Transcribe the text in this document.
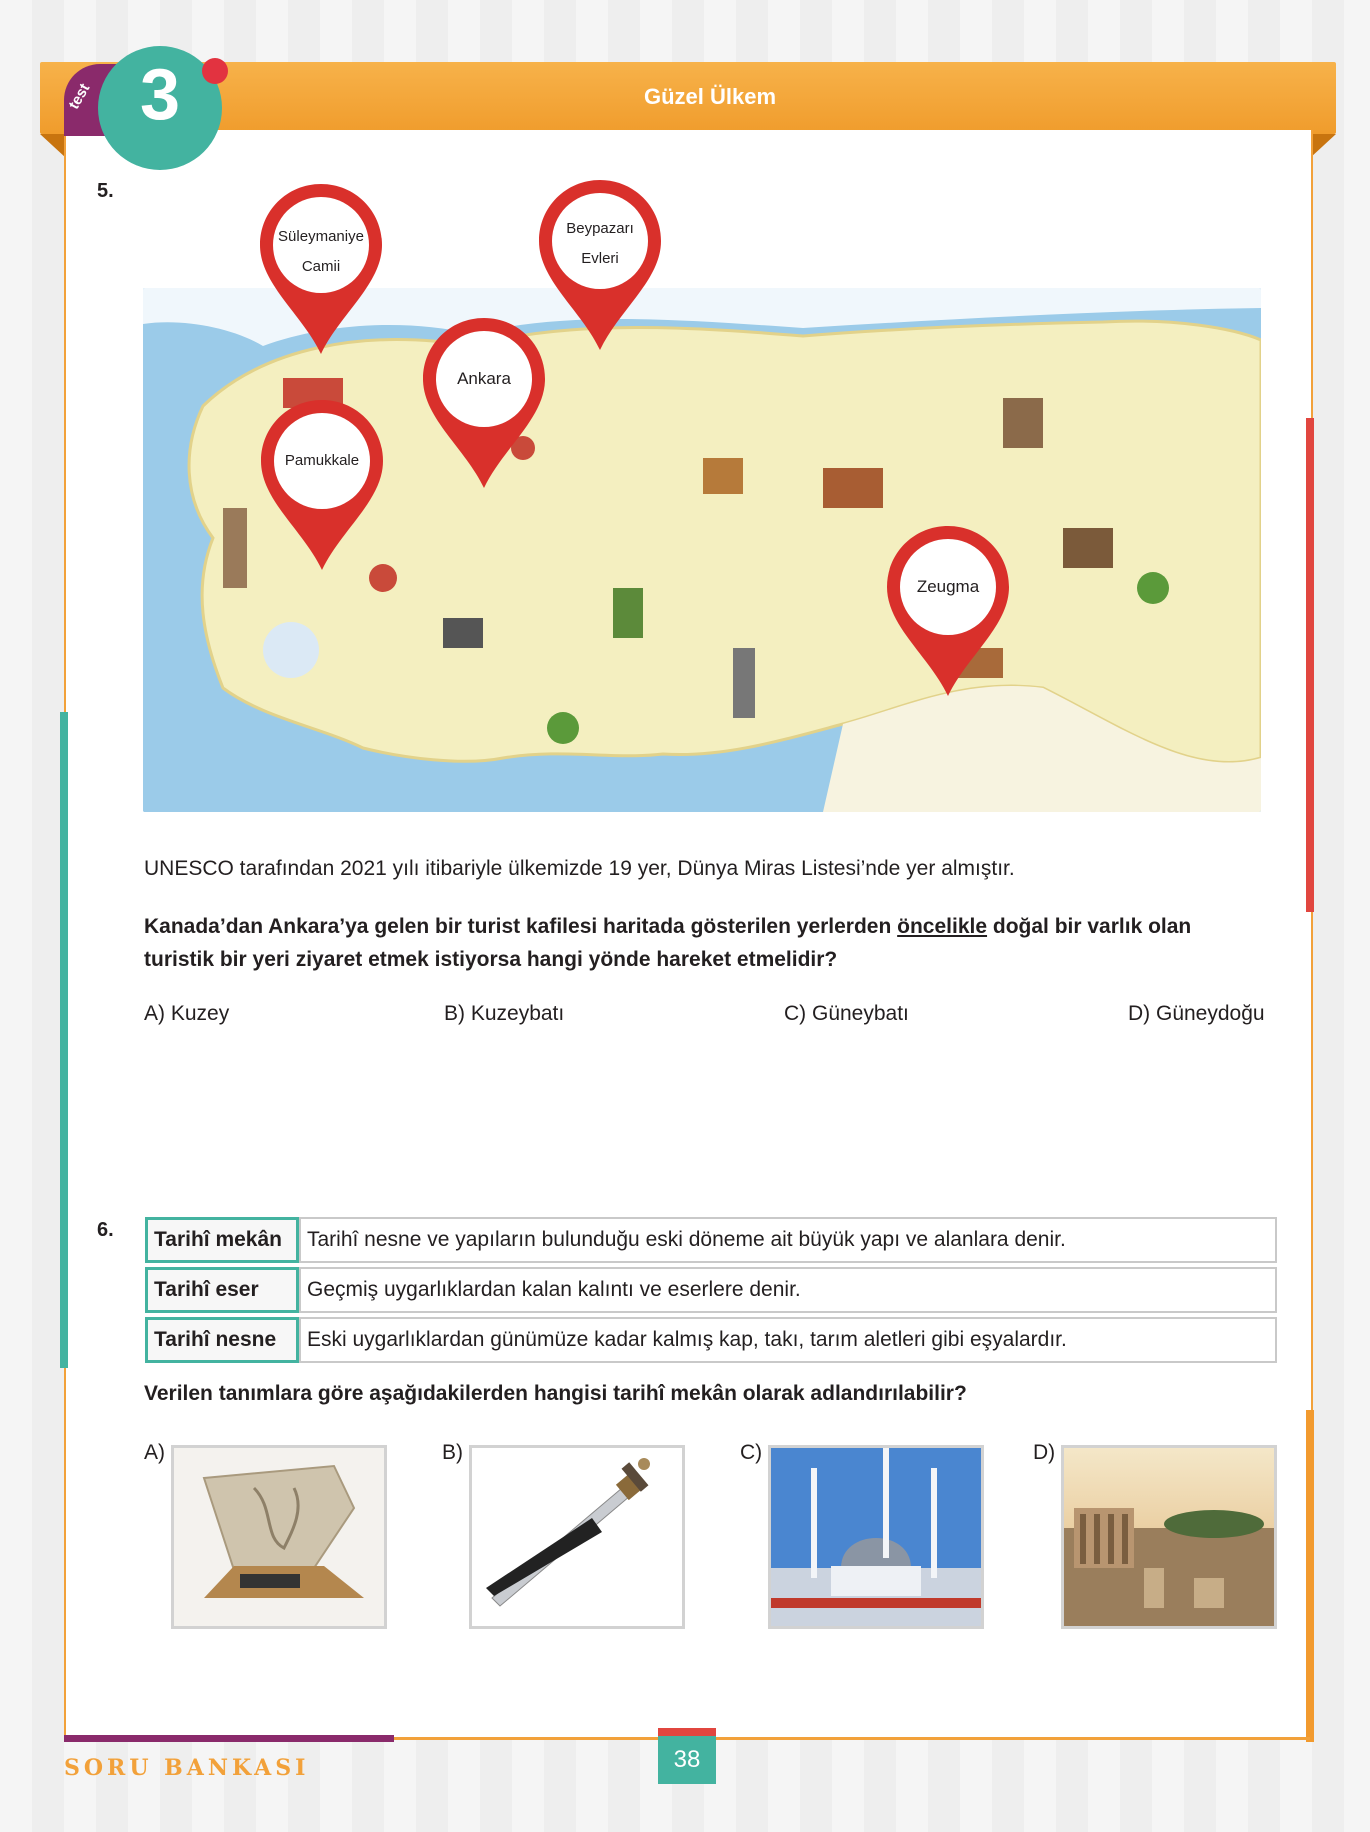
test 3	Güzel Ülkem
5.
Süleymaniye
Camii
Beypazarı
Evleri
Ankara
Pamukkale
Zeugma
UNESCO tarafından 2021 yılı itibariyle ülkemizde 19 yer, Dünya Miras Listesi’nde yer almıştır.
Kanada’dan Ankara’ya gelen bir turist kafilesi haritada gösterilen yerlerden öncelikle doğal bir varlık olan
turistik bir yeri ziyaret etmek istiyorsa hangi yönde hareket etmelidir?
A) Kuzey	B) Kuzeybatı	C) Güneybatı	D) Güneydoğu
6. Tarihî mekân	Tarihî nesne ve yapıların bulunduğu eski döneme ait büyük yapı ve alanlara denir.
Tarihî eser	Geçmiş uygarlıklardan kalan kalıntı ve eserlere denir.
Tarihî nesne	Eski uygarlıklardan günümüze kadar kalmış kap, takı, tarım aletleri gibi eşyalardır.
Verilen tanımlara göre aşağıdakilerden hangisi tarihî mekân olarak adlandırılabilir?
A)	B)	C)	D)
SORU BANKASI	38
